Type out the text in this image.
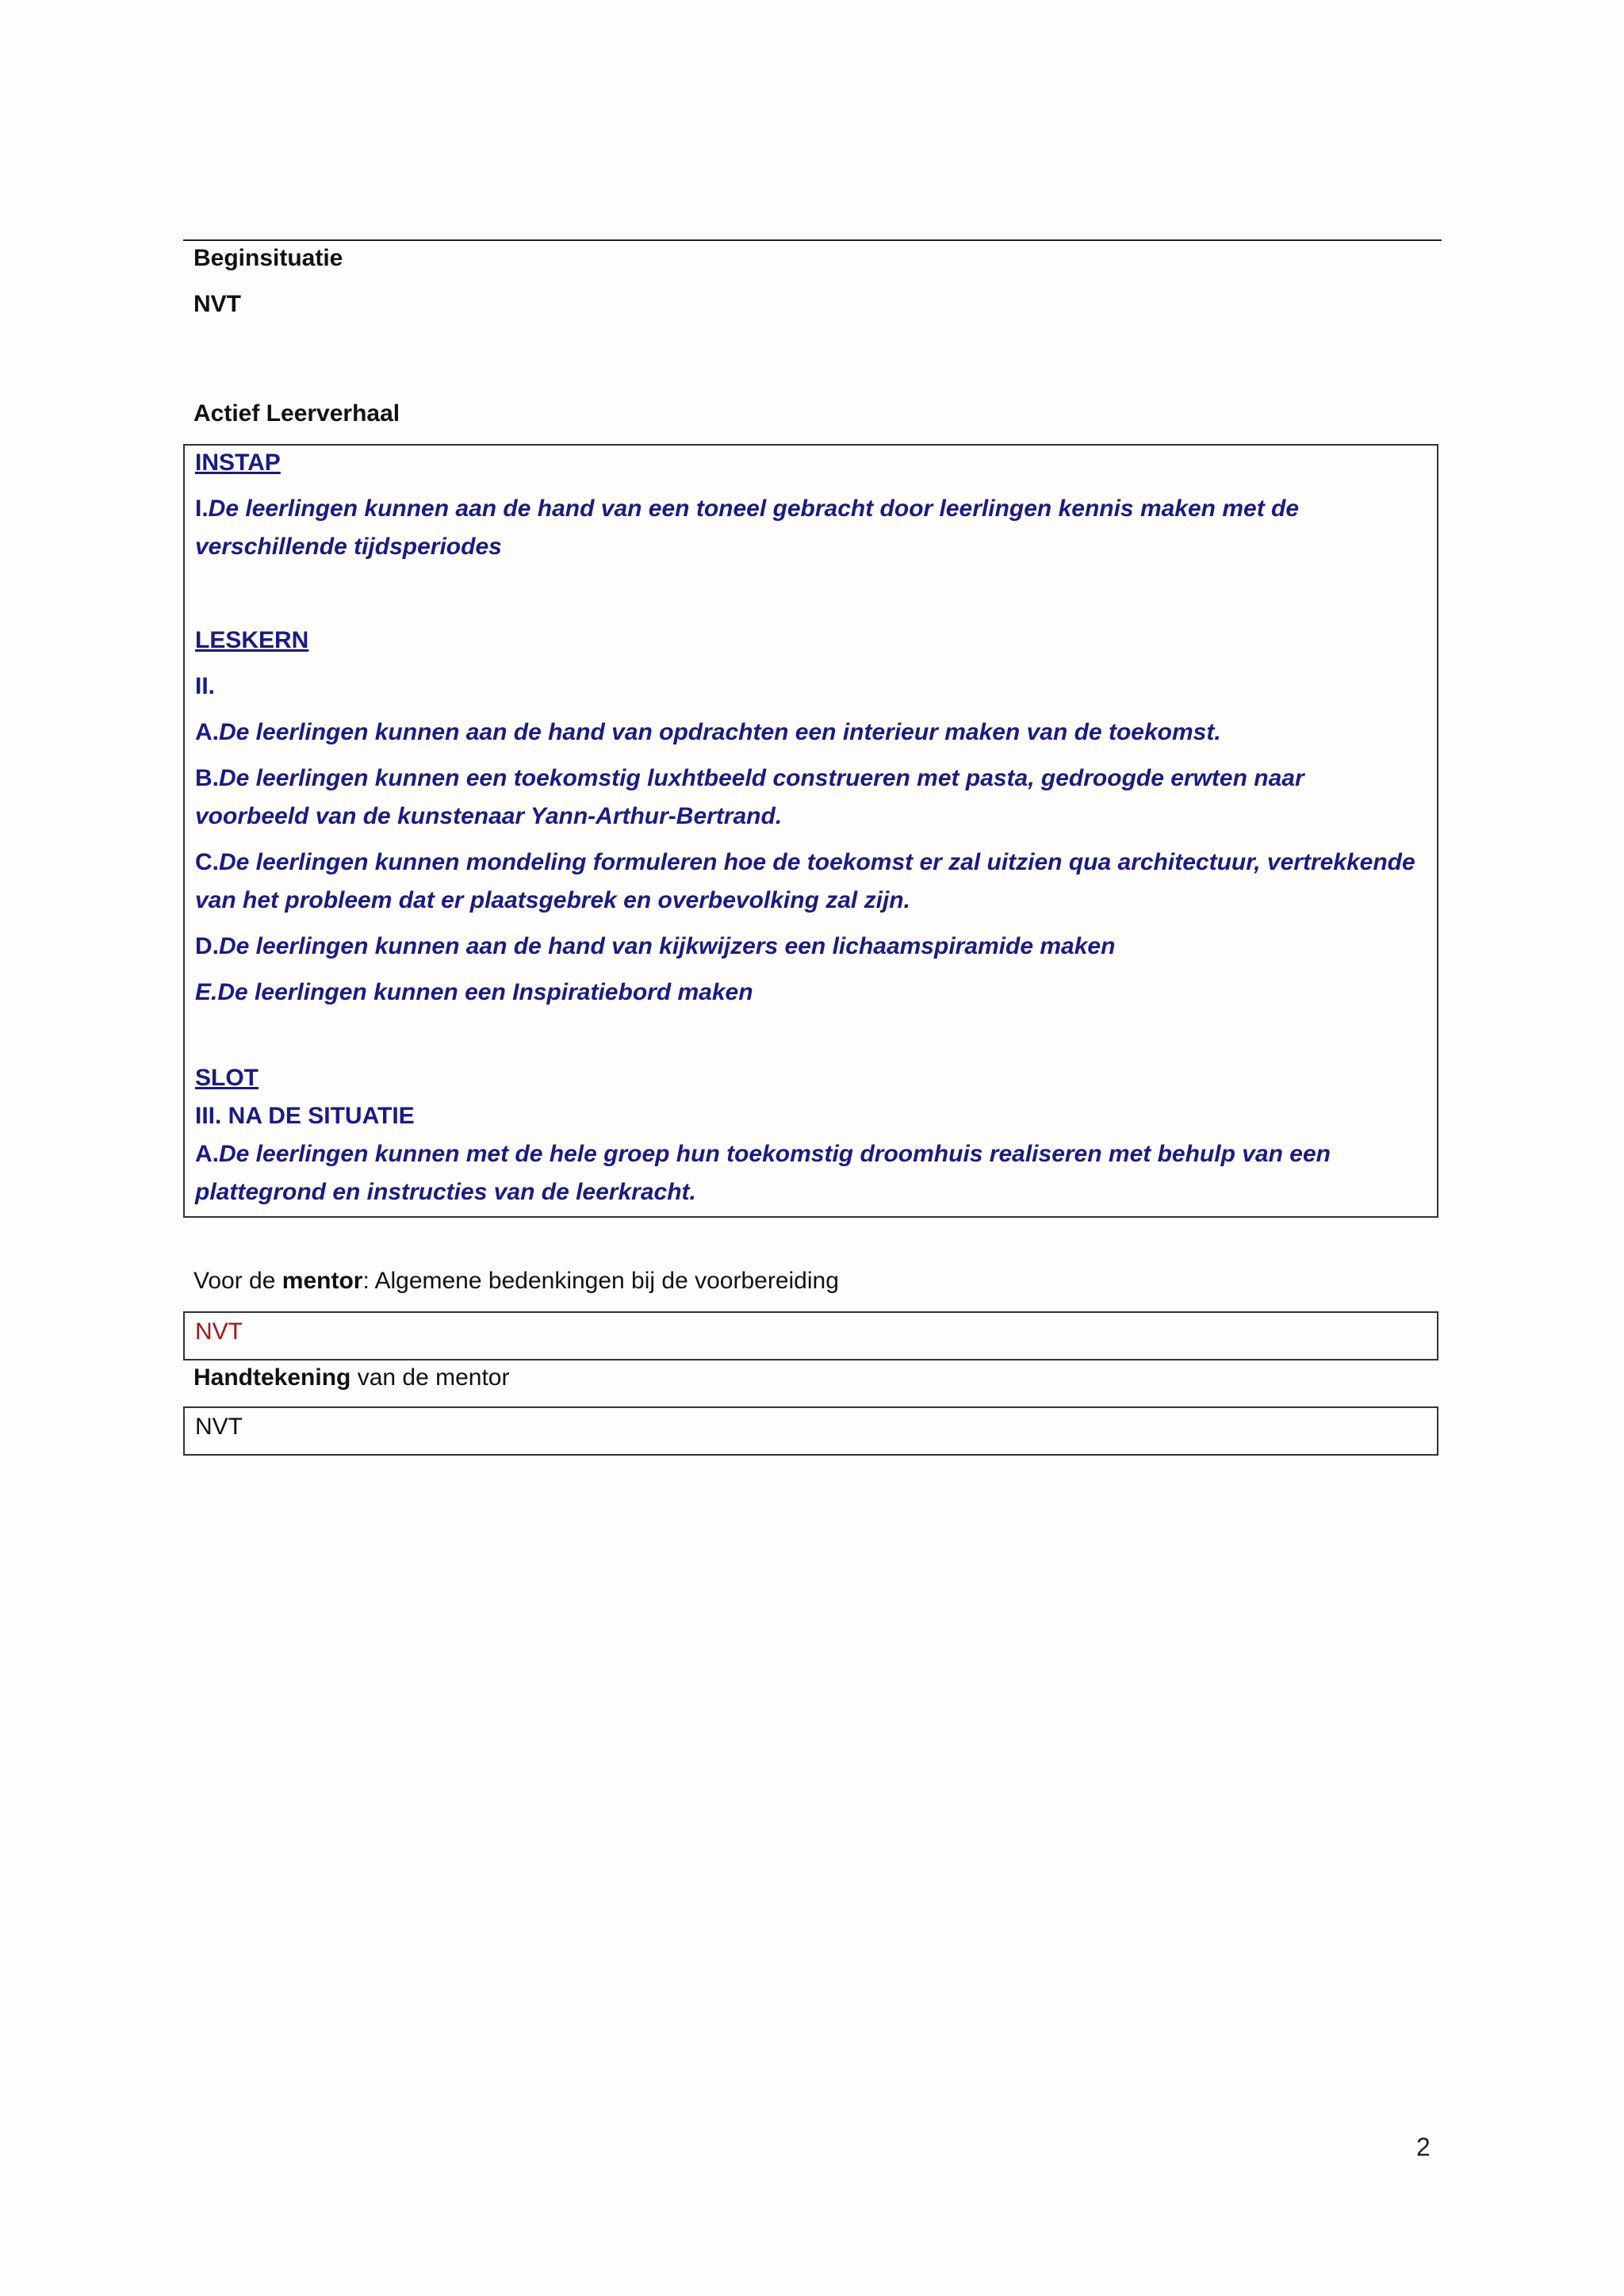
Beginsituatie
NVT
Actief Leerverhaal
INSTAP
I.De leerlingen kunnen aan de hand van een toneel gebracht door leerlingen kennis maken met de
verschillende tijdsperiodes
LESKERN
II.
A.De leerlingen kunnen aan de hand van opdrachten een interieur maken van de toekomst.
B.De leerlingen kunnen een toekomstig luxhtbeeld construeren met pasta, gedroogde erwten naar
voorbeeld van de kunstenaar Yann-Arthur-Bertrand.
C.De leerlingen kunnen mondeling formuleren hoe de toekomst er zal uitzien qua architectuur, vertrekkende
van het probleem dat er plaatsgebrek en overbevolking zal zijn.
D.De leerlingen kunnen aan de hand van kijkwijzers een lichaamspiramide maken
E.De leerlingen kunnen een Inspiratiebord maken
SLOT
III. NA DE SITUATIE
A.De leerlingen kunnen met de hele groep hun toekomstig droomhuis realiseren met behulp van een
plattegrond en instructies van de leerkracht.
Voor de mentor: Algemene bedenkingen bij de voorbereiding
NVT
Handtekening van de mentor
NVT
2
